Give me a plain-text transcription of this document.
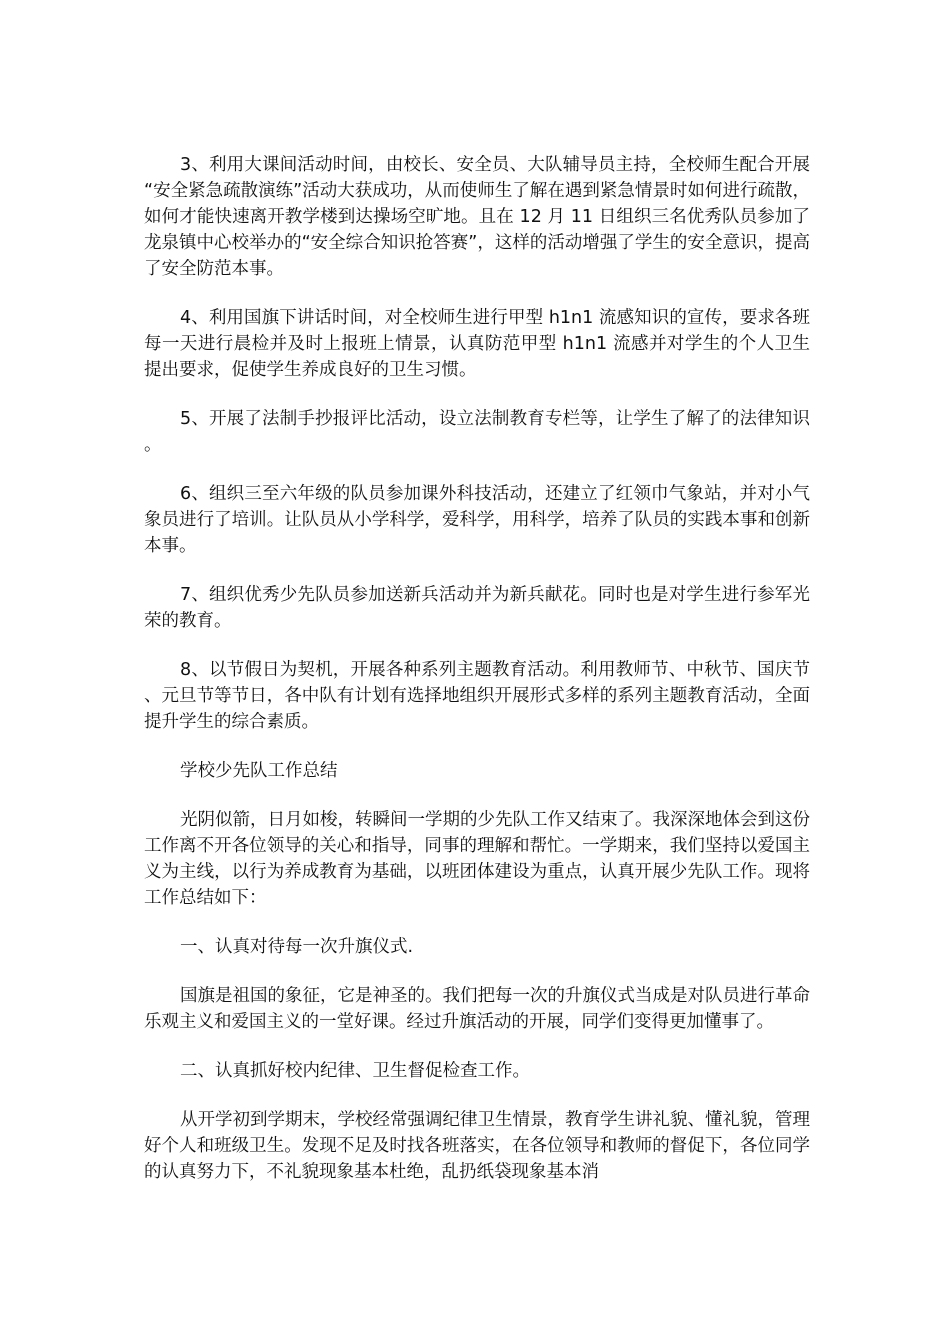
3、利用大课间活动时间，由校长、安全员、大队辅导员主持，全校师生配合开展“安全紧急疏散演练”活动大获成功，从而使师生了解在遇到紧急情景时如何进行疏散，如何才能快速离开教学楼到达操场空旷地。且在 12 月 11 日组织三名优秀队员参加了龙泉镇中心校举办的“安全综合知识抢答赛”，这样的活动增强了学生的安全意识，提高了安全防范本事。

4、利用国旗下讲话时间，对全校师生进行甲型 h1n1 流感知识的宣传，要求各班每一天进行晨检并及时上报班上情景，认真防范甲型 h1n1 流感并对学生的个人卫生提出要求，促使学生养成良好的卫生习惯。

5、开展了法制手抄报评比活动，设立法制教育专栏等，让学生了解了的法律知识。

6、组织三至六年级的队员参加课外科技活动，还建立了红领巾气象站，并对小气象员进行了培训。让队员从小学科学，爱科学，用科学，培养了队员的实践本事和创新本事。

7、组织优秀少先队员参加送新兵活动并为新兵献花。同时也是对学生进行参军光荣的教育。

8、以节假日为契机，开展各种系列主题教育活动。利用教师节、中秋节、国庆节、元旦节等节日，各中队有计划有选择地组织开展形式多样的系列主题教育活动，全面提升学生的综合素质。

学校少先队工作总结

光阴似箭，日月如梭，转瞬间一学期的少先队工作又结束了。我深深地体会到这份工作离不开各位领导的关心和指导，同事的理解和帮忙。一学期来，我们坚持以爱国主义为主线，以行为养成教育为基础，以班团体建设为重点，认真开展少先队工作。现将工作总结如下：

一、认真对待每一次升旗仪式.

国旗是祖国的象征，它是神圣的。我们把每一次的升旗仪式当成是对队员进行革命乐观主义和爱国主义的一堂好课。经过升旗活动的开展，同学们变得更加懂事了。

二、认真抓好校内纪律、卫生督促检查工作。

从开学初到学期末，学校经常强调纪律卫生情景，教育学生讲礼貌、懂礼貌，管理好个人和班级卫生。发现不足及时找各班落实，在各位领导和教师的督促下，各位同学的认真努力下，不礼貌现象基本杜绝，乱扔纸袋现象基本消
